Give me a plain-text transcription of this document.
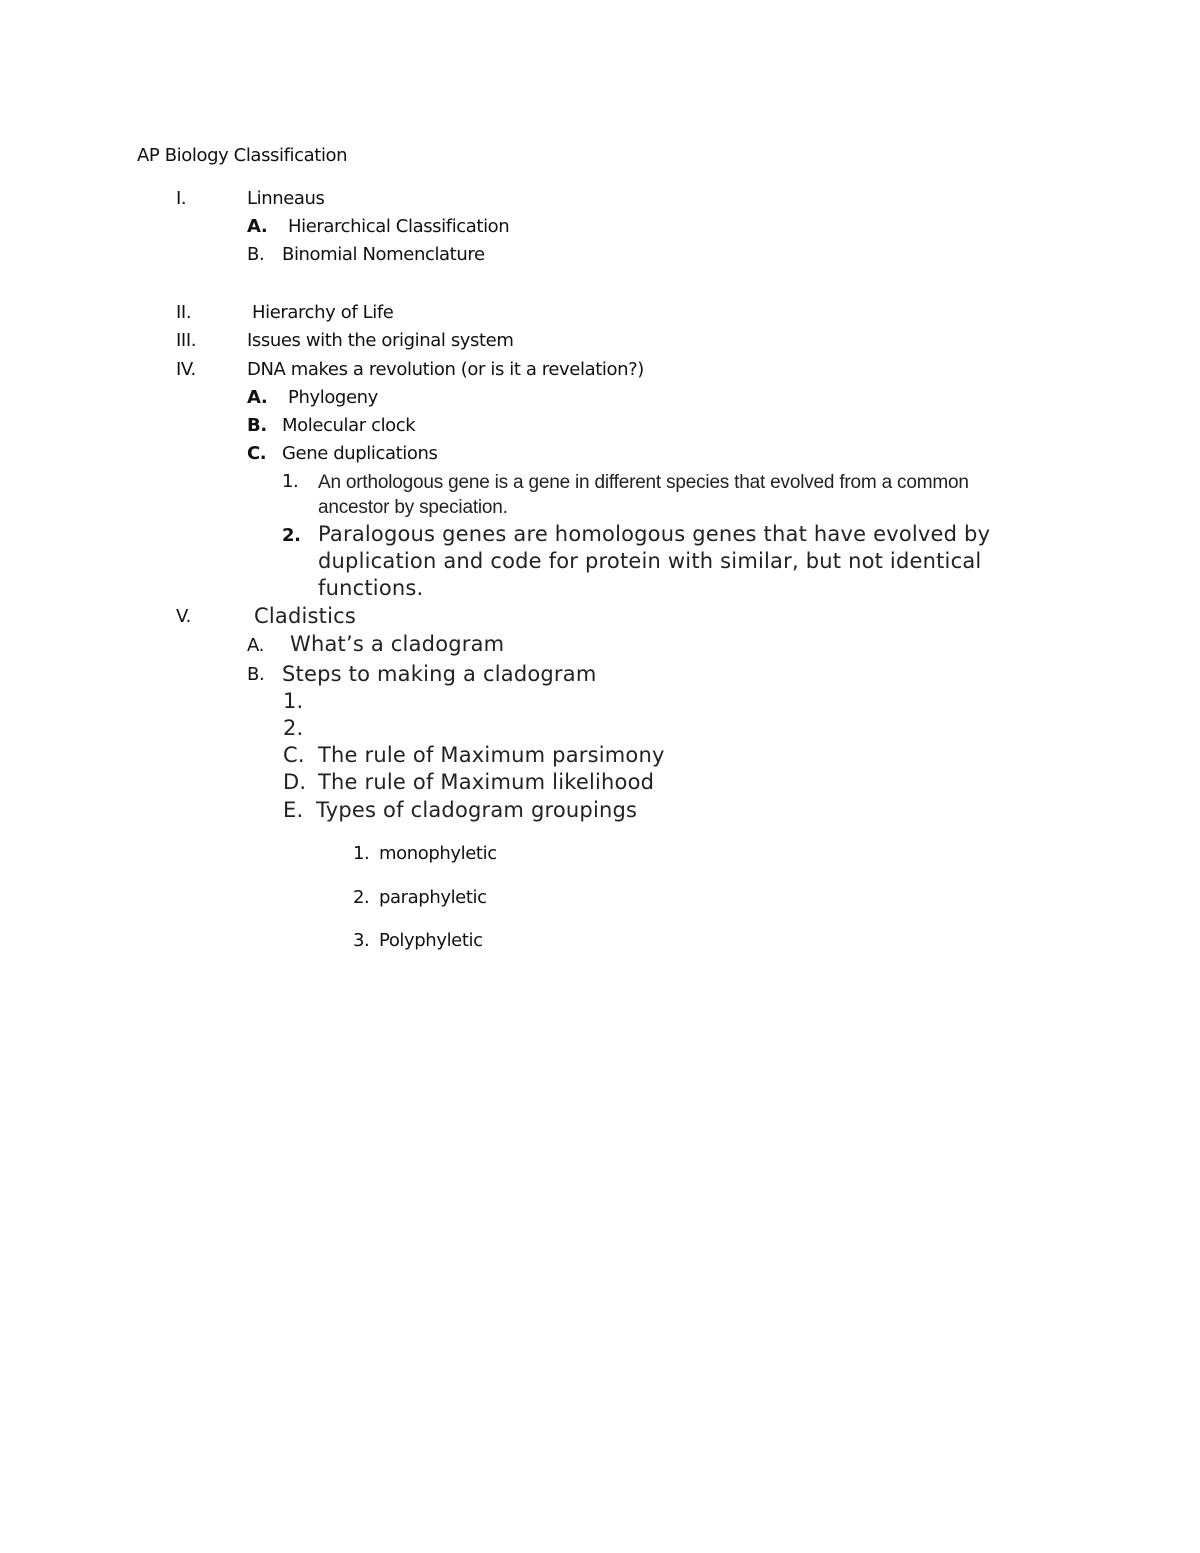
AP Biology Classification
I.	Linneaus
A. Hierarchical Classification
B. Binomial Nomenclature
II.	Hierarchy of Life
III.	Issues with the original system
IV.	DNA makes a revolution (or is it a revelation?)
A. Phylogeny
B. Molecular clock
C. Gene duplications
1. An orthologous gene is a gene in different species that evolved from a common
ancestor by speciation.
2. Paralogous genes are homologous genes that have evolved by
duplication and code for protein with similar, but not identical
functions.
V.	Cladistics
A. What’s a cladogram
B. Steps to making a cladogram
1.
2.
C. The rule of Maximum parsimony
D. The rule of Maximum likelihood
E. Types of cladogram groupings
1. monophyletic
2. paraphyletic
3. Polyphyletic
